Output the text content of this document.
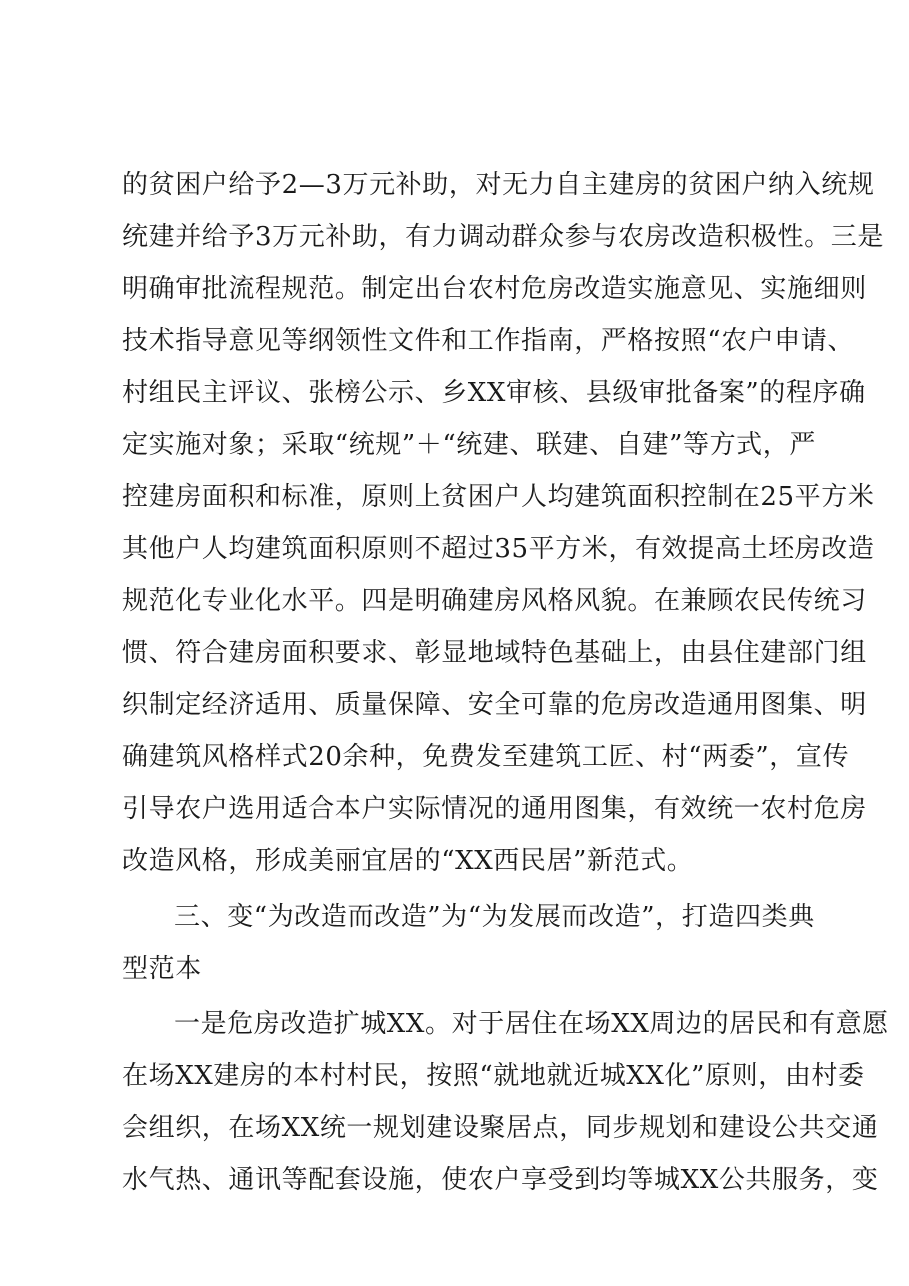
的贫困户给予2—3万元补助，对无力自主建房的贫困户纳入统规
统建并给予3万元补助，有力调动群众参与农房改造积极性。三是
明确审批流程规范。制定出台农村危房改造实施意见、实施细则
技术指导意见等纲领性文件和工作指南，严格按照“农户申请、
村组民主评议、张榜公示、乡XX审核、县级审批备案”的程序确
定实施对象；采取“统规”＋“统建、联建、自建”等方式，严
控建房面积和标准，原则上贫困户人均建筑面积控制在25平方米
其他户人均建筑面积原则不超过35平方米，有效提高土坯房改造
规范化专业化水平。四是明确建房风格风貌。在兼顾农民传统习
惯、符合建房面积要求、彰显地域特色基础上，由县住建部门组
织制定经济适用、质量保障、安全可靠的危房改造通用图集、明
确建筑风格样式20余种，免费发至建筑工匠、村“两委”，宣传
引导农户选用适合本户实际情况的通用图集，有效统一农村危房
改造风格，形成美丽宜居的“XX西民居”新范式。
三、变“为改造而改造”为“为发展而改造”，打造四类典
型范本
一是危房改造扩城XX。对于居住在场XX周边的居民和有意愿
在场XX建房的本村村民，按照“就地就近城XX化”原则，由村委
会组织，在场XX统一规划建设聚居点，同步规划和建设公共交通
水气热、通讯等配套设施，使农户享受到均等城XX公共服务，变
